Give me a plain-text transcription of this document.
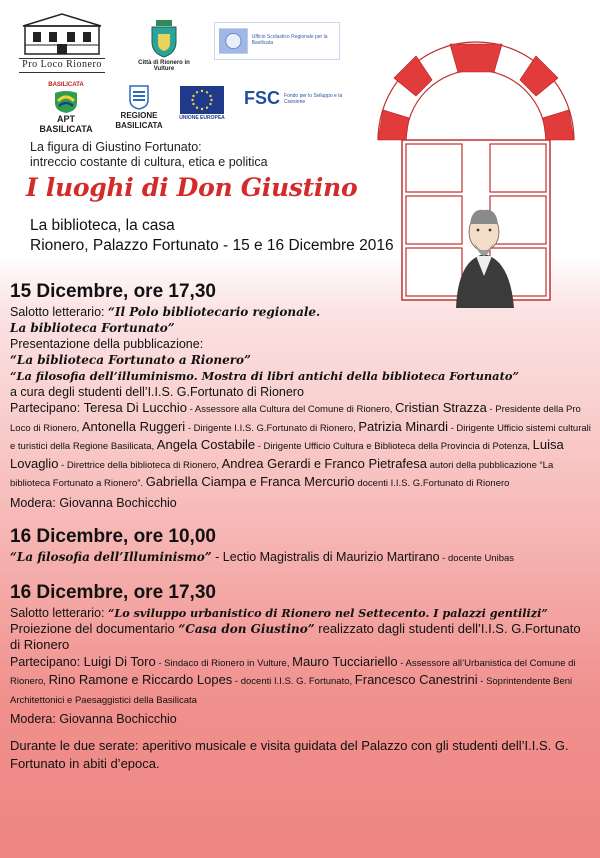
Pro Loco Rionero	Città di Rionero in Vulture
Ufficio Scolastico Regionale per la Basilicata
BASILICATA
APT BASILICATA
REGIONE
BASILICATA
UNIONE EUROPEA
FSC Fondo per lo Sviluppo e la Coesione
La figura di Giustino Fortunato:
intreccio costante di cultura, etica e politica
I luoghi di Don Giustino
La biblioteca, la casa
Rionero, Palazzo Fortunato - 15 e 16 Dicembre 2016
15 Dicembre, ore 17,30
Salotto letterario: “Il Polo bibliotecario regionale.
La biblioteca Fortunato”
Presentazione della pubblicazione:
“La biblioteca Fortunato a Rionero”
“La filosofia dell’illuminismo. Mostra di libri antichi della biblioteca Fortunato”
a cura degli studenti dell’I.I.S. G.Fortunato di Rionero
Partecipano: Teresa Di Lucchio - Assessore alla Cultura del Comune di Rionero, Cristian Strazza - Presidente della Pro Loco di Rionero, Antonella Ruggeri - Dirigente I.I.S. G.Fortunato di Rionero, Patrizia Minardi - Dirigente Ufficio sistemi culturali e turistici della Regione Basilicata, Angela Costabile - Dirigente Ufficio Cultura e Biblioteca della Provincia di Potenza, Luisa Lovaglio - Direttrice della biblioteca di Rionero, Andrea Gerardi e Franco Pietrafesa autori della pubblicazione “La biblioteca Fortunato a Rionero”. Gabriella Ciampa e Franca Mercurio docenti I.I.S. G.Fortunato di Rionero
Modera: Giovanna Bochicchio
16 Dicembre, ore 10,00
“La filosofia dell’Illuminismo” - Lectio Magistralis di Maurizio Martirano - docente Unibas
16 Dicembre, ore 17,30
Salotto letterario: “Lo sviluppo urbanistico di Rionero nel Settecento. I palazzi gentilizi”
Proiezione del documentario “Casa don Giustino” realizzato dagli studenti dell’I.I.S. G.Fortunato di Rionero
Partecipano: Luigi Di Toro - Sindaco di Rionero in Vulture, Mauro Tucciariello - Assessore all’Urbanistica del Comune di Rionero, Rino Ramone e Riccardo Lopes - docenti I.I.S. G. Fortunato, Francesco Canestrini - Soprintendente Beni Architettonici e Paesaggistici della Basilicata
Modera: Giovanna Bochicchio
Durante le due serate: aperitivo musicale e visita guidata del Palazzo con gli studenti dell’I.I.S. G. Fortunato in abiti d’epoca.
